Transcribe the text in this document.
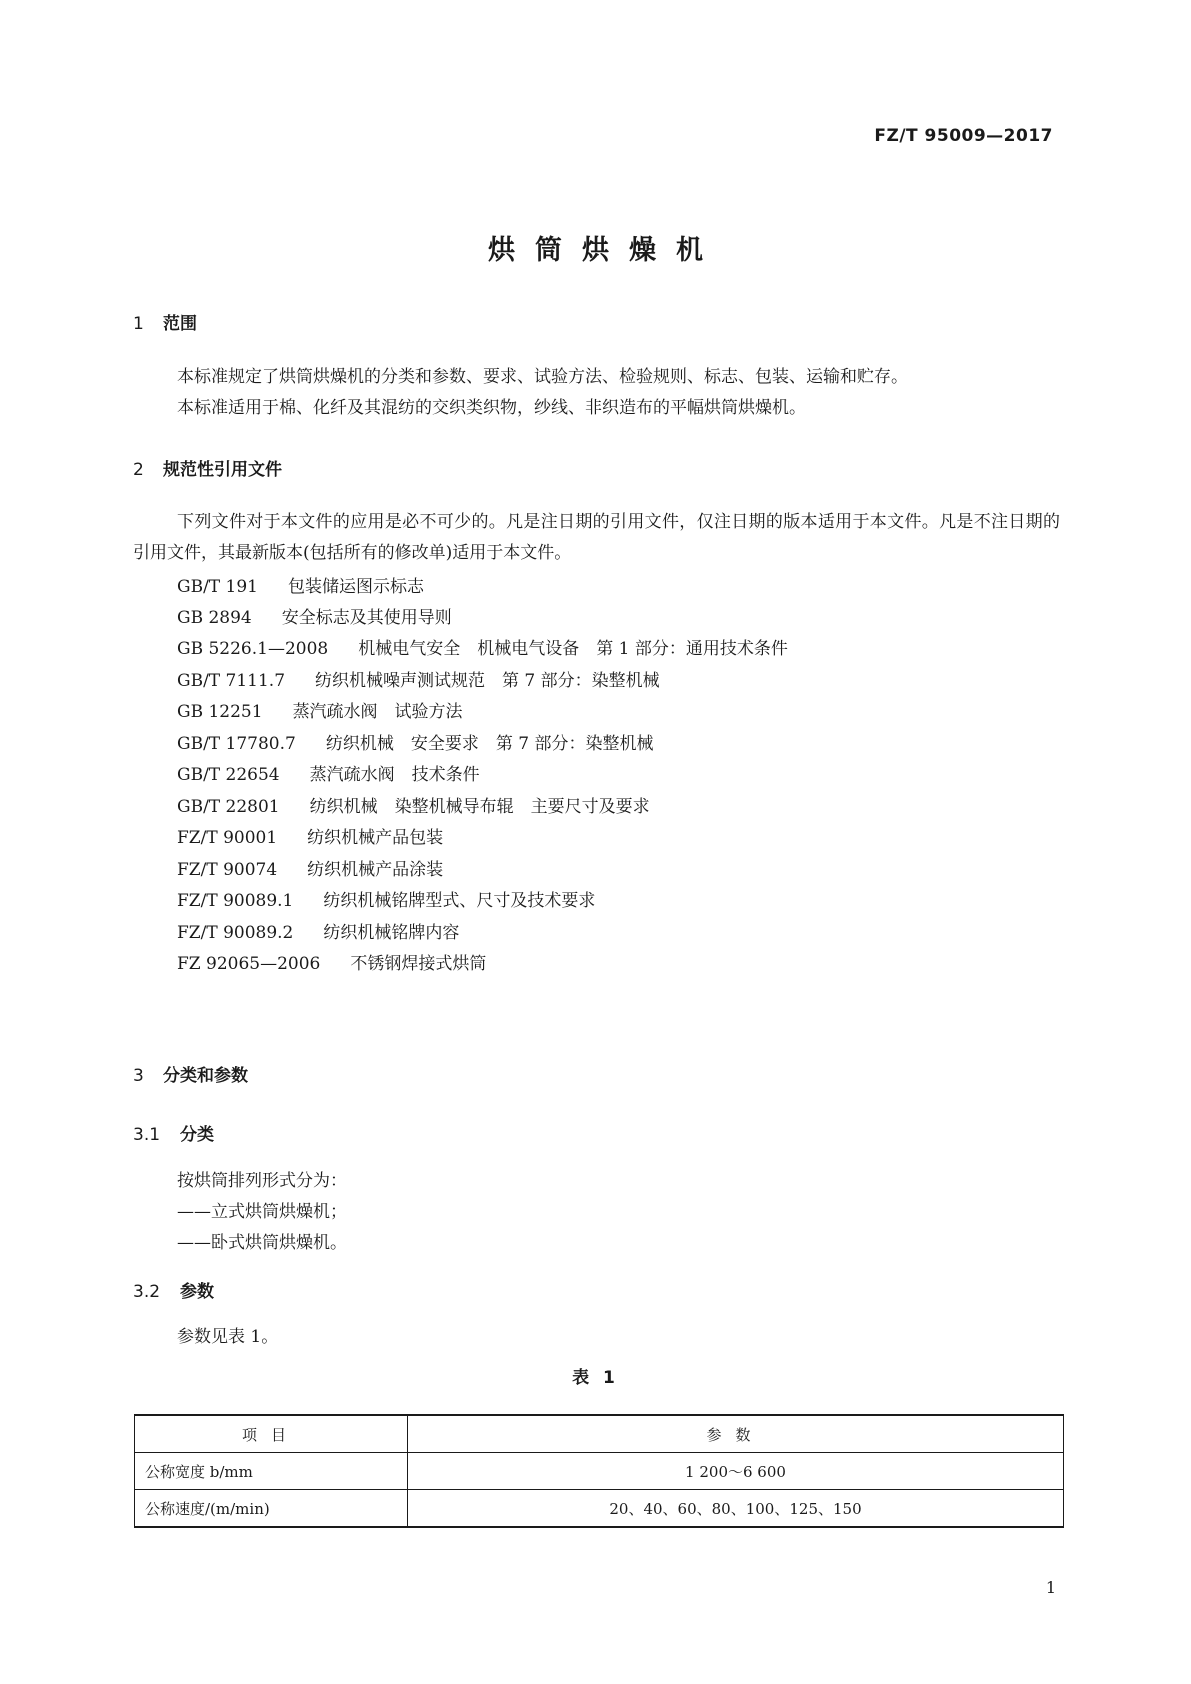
FZ/T 95009—2017
烘筒烘燥机
1 范围
本标准规定了烘筒烘燥机的分类和参数、要求、试验方法、检验规则、标志、包装、运输和贮存。
本标准适用于棉、化纤及其混纺的交织类织物，纱线、非织造布的平幅烘筒烘燥机。
2 规范性引用文件
下列文件对于本文件的应用是必不可少的。凡是注日期的引用文件，仅注日期的版本适用于本文件。凡是不注日期的引用文件，其最新版本(包括所有的修改单)适用于本文件。
GB/T 191 包装储运图示标志
GB 2894 安全标志及其使用导则
GB 5226.1—2008 机械电气安全　机械电气设备　第 1 部分：通用技术条件
GB/T 7111.7 纺织机械噪声测试规范　第 7 部分：染整机械
GB 12251 蒸汽疏水阀　试验方法
GB/T 17780.7 纺织机械　安全要求　第 7 部分：染整机械
GB/T 22654 蒸汽疏水阀　技术条件
GB/T 22801 纺织机械　染整机械导布辊　主要尺寸及要求
FZ/T 90001 纺织机械产品包装
FZ/T 90074 纺织机械产品涂装
FZ/T 90089.1 纺织机械铭牌型式、尺寸及技术要求
FZ/T 90089.2 纺织机械铭牌内容
FZ 92065—2006 不锈钢焊接式烘筒
3 分类和参数
3.1 分类
按烘筒排列形式分为：
——立式烘筒烘燥机；
——卧式烘筒烘燥机。
3.2 参数
参数见表 1。
表 1
项目	参数
公称宽度 b/mm	1 200～6 600
公称速度/(m/min)	20、40、60、80、100、125、150
1
